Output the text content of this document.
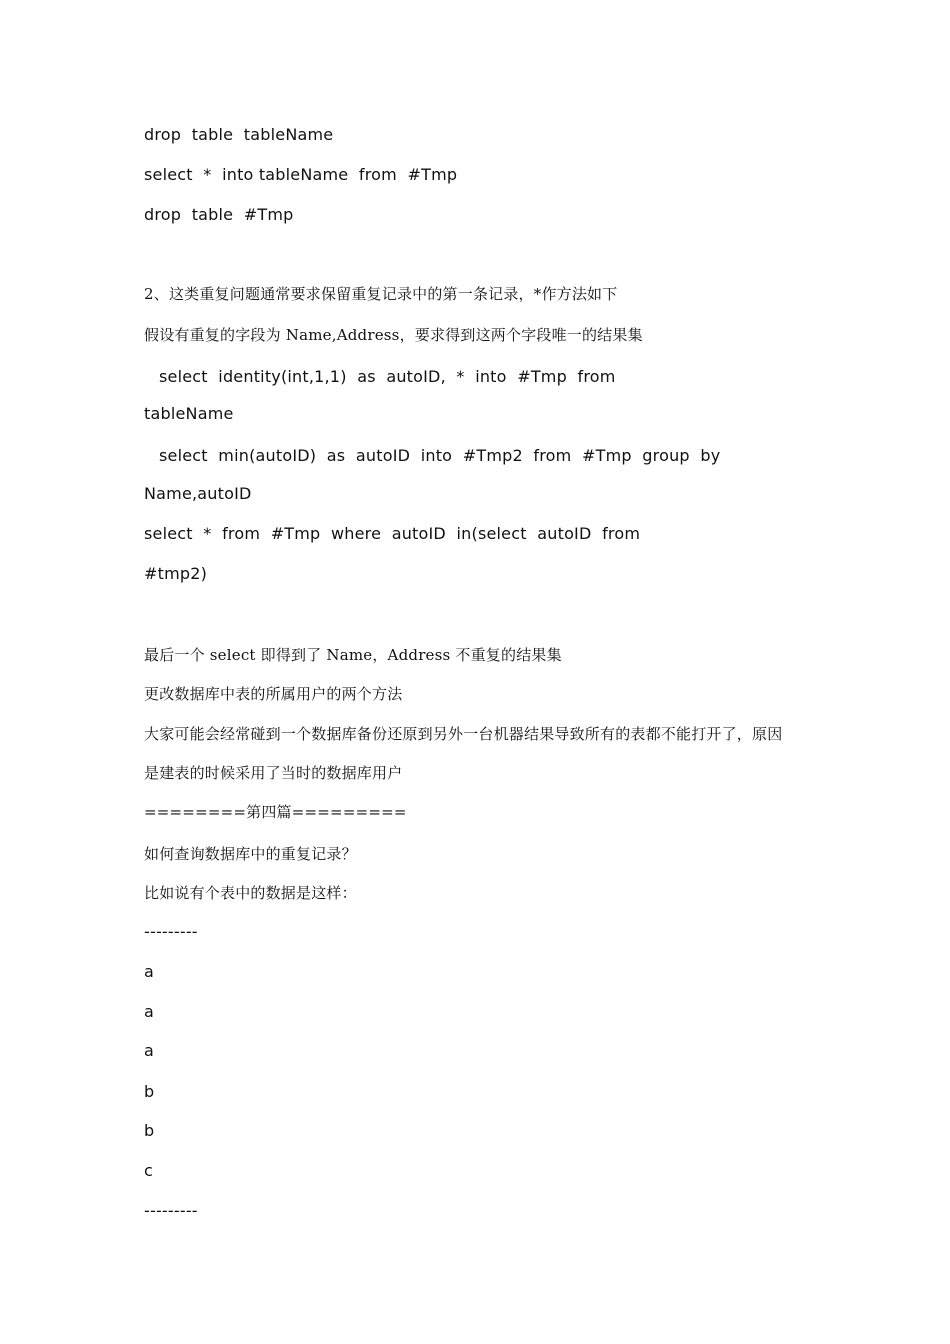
drop  table  tableName
select  *  into tableName  from  #Tmp
drop  table  #Tmp
2、这类重复问题通常要求保留重复记录中的第一条记录，*作方法如下
假设有重复的字段为 Name,Address，要求得到这两个字段唯一的结果集
select  identity(int,1,1)  as  autoID,  *  into  #Tmp  from
tableName
select  min(autoID)  as  autoID  into  #Tmp2  from  #Tmp  group  by
Name,autoID
select  *  from  #Tmp  where  autoID  in(select  autoID  from
#tmp2)
最后一个 select 即得到了 Name，Address 不重复的结果集
更改数据库中表的所属用户的两个方法
大家可能会经常碰到一个数据库备份还原到另外一台机器结果导致所有的表都不能打开了，原因
是建表的时候采用了当时的数据库用户
========第四篇=========
如何查询数据库中的重复记录？
比如说有个表中的数据是这样：
---------
a
a
a
b
b
c
---------
